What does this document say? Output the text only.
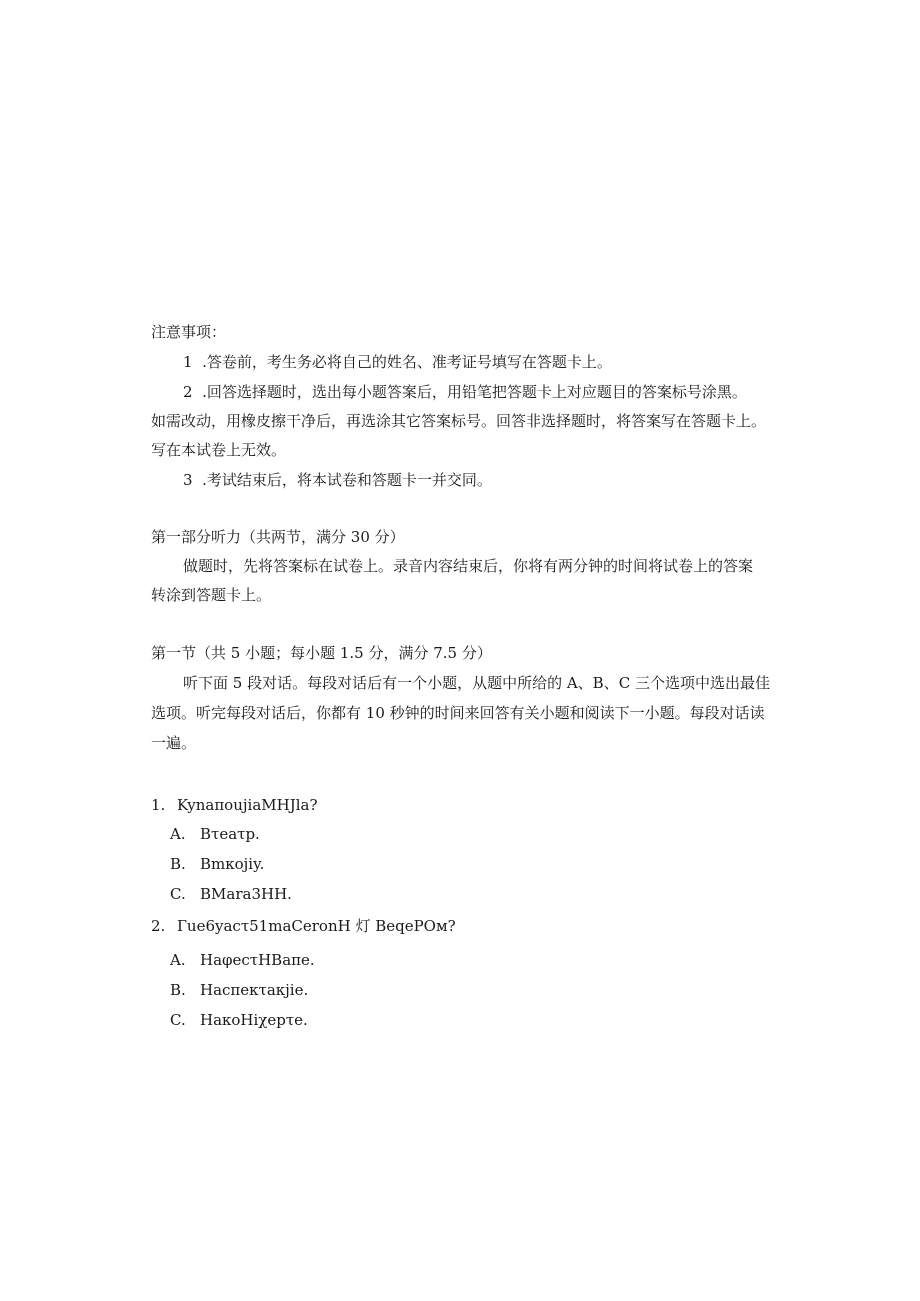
注意事项：
1  .答卷前，考生务必将自己的姓名、准考证号填写在答题卡上。
2  .回答选择题时，选出每小题答案后，用铅笔把答题卡上对应题目的答案标号涂黑。
如需改动，用橡皮擦干净后，再选涂其它答案标号。回答非选择题时，将答案写在答题卡上。
写在本试卷上无效。
3  .考试结束后，将本试卷和答题卡一并交同。
第一部分听力（共两节，满分 30 分）
做题时，先将答案标在试卷上。录音内容结束后，你将有两分钟的时间将试卷上的答案
转涂到答题卡上。
第一节（共 5 小题；每小题 1.5 分，满分 7.5 分）
听下面 5 段对话。每段对话后有一个小题，从题中所给的 A、B、C 三个选项中选出最佳
选项。听完每段对话后，你都有 10 秒钟的时间来回答有关小题和阅读下一小题。每段对话读
一遍。
1. KynaπoujiaMHJla?
A. Bτeaτp.
B. Bmκojiy.
C. BMara3HH.
2. Гue6yacτ51maCeronH 灯 BeqePOм?
A. HaφecτHBaπe.
B. Hacπeκτaκjie.
C. HaκoHiχepτe.
